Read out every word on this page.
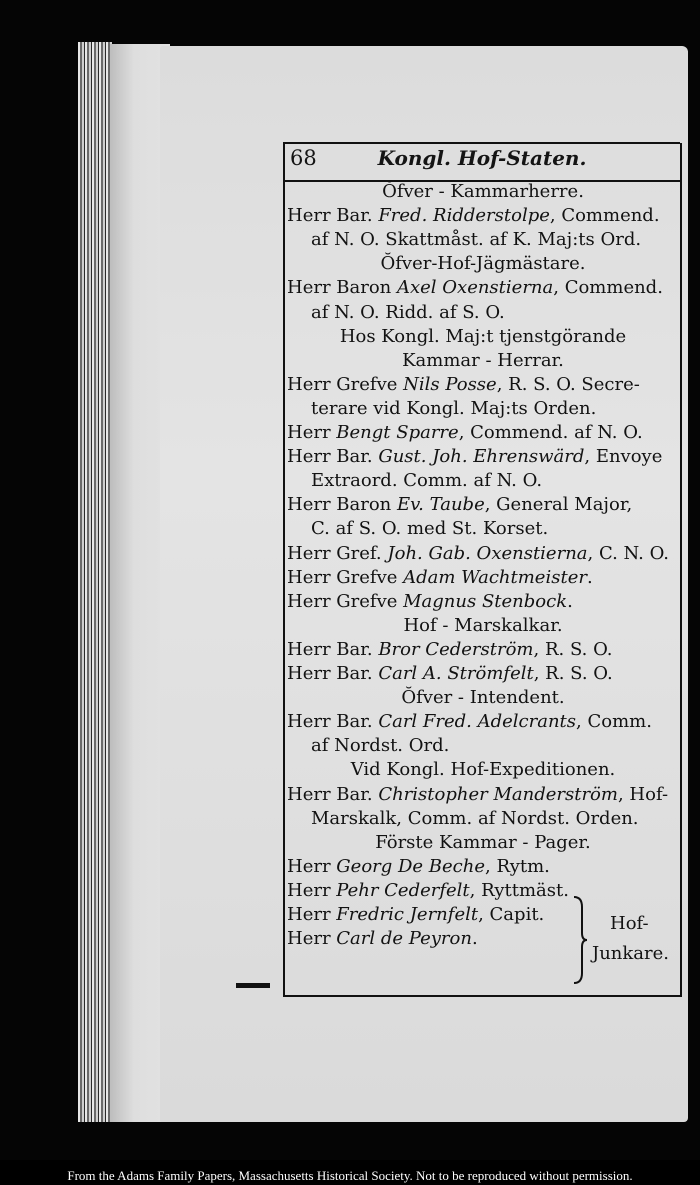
68	Kongl. Hof-Staten.
Ŏfver - Kammarherre.
Herr Bar. Fred. Ridderstolpe, Commend.
af N. O. Skattmåst. af K. Maj:ts Ord.
Ŏfver-Hof-Jägmästare.
Herr Baron Axel Oxenstierna, Commend.
af N. O. Ridd. af S. O.
Hos Kongl. Maj:t tjenstgörande
Kammar - Herrar.
Herr Grefve Nils Posse, R. S. O. Secre-
terare vid Kongl. Maj:ts Orden.
Herr Bengt Sparre, Commend. af N. O.
Herr Bar. Gust. Joh. Ehrenswärd, Envoye
Extraord. Comm. af N. O.
Herr Baron Ev. Taube, General Major,
C. af S. O. med St. Korset.
Herr Gref. Joh. Gab. Oxenstierna, C. N. O.
Herr Grefve Adam Wachtmeister.
Herr Grefve Magnus Stenbock.
Hof - Marskalkar.
Herr Bar. Bror Cederström, R. S. O.
Herr Bar. Carl A. Strömfelt, R. S. O.
Ŏfver - Intendent.
Herr Bar. Carl Fred. Adelcrants, Comm.
af Nordst. Ord.
Vid Kongl. Hof-Expeditionen.
Herr Bar. Christopher Manderström, Hof-
Marskalk, Comm. af Nordst. Orden.
Förste Kammar - Pager.
Herr Georg De Beche, Rytm.
Herr Pehr Cederfelt, Ryttmäst.
Herr Fredric Jernfelt, Capit.
Herr Carl de Peyron.
Hof-
Junkare.
From the Adams Family Papers, Massachusetts Historical Society. Not to be reproduced without permission.
